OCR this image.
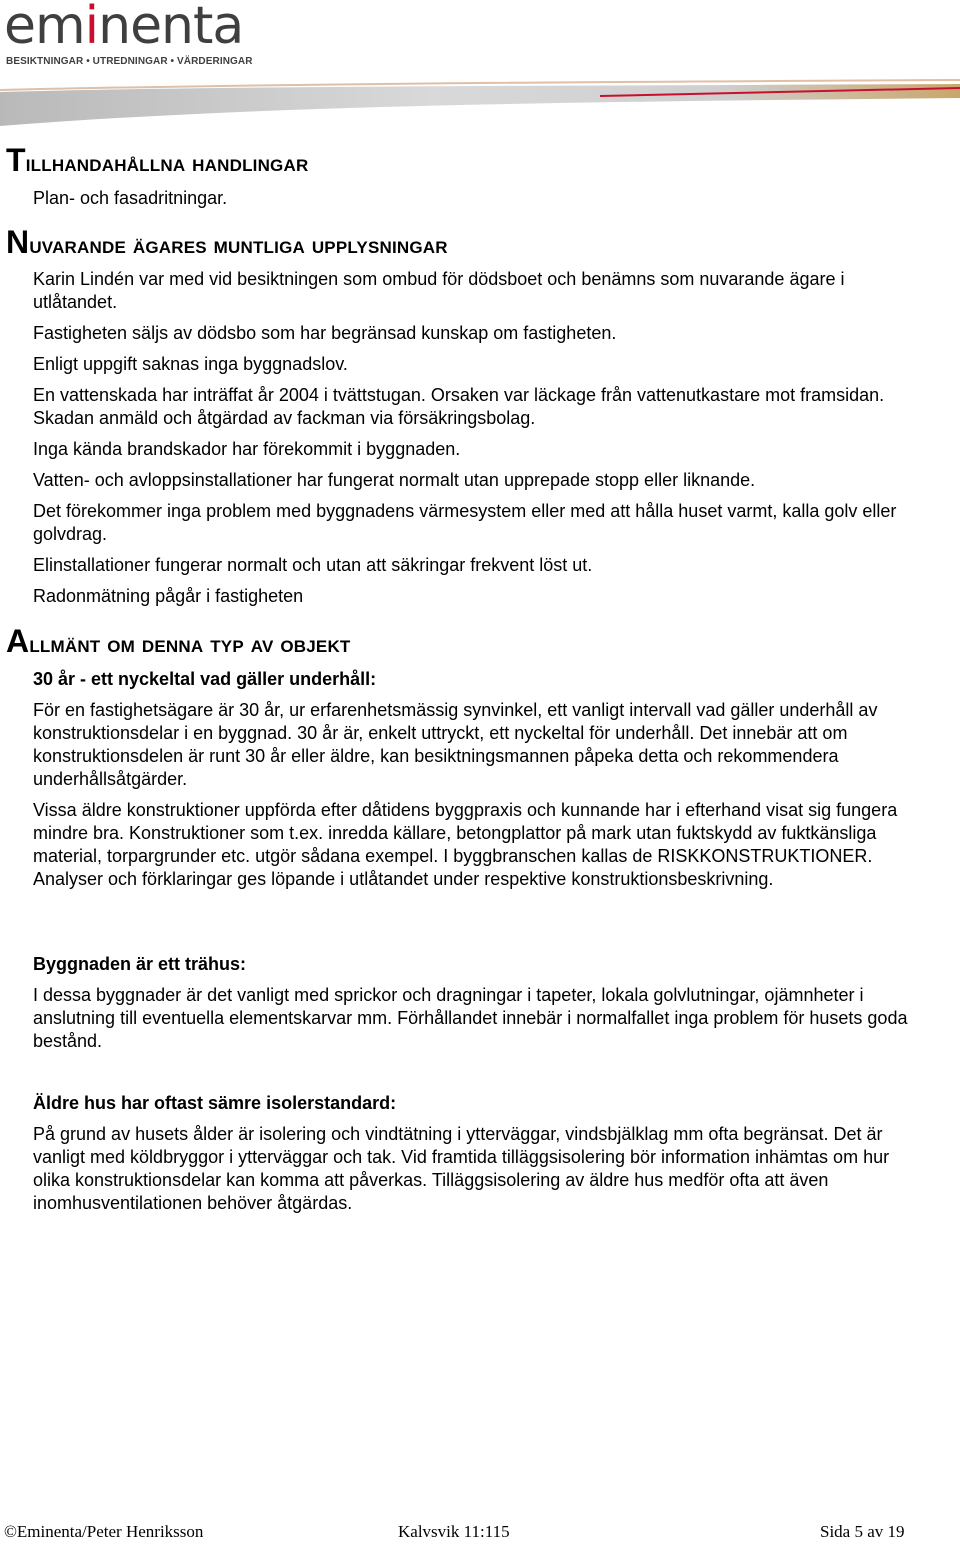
eminenta
BESIKTNINGAR • UTREDNINGAR • VÄRDERINGAR
Tillhandahållna handlingar
Plan- och fasadritningar.
Nuvarande ägares muntliga upplysningar
Karin Lindén var med vid besiktningen som ombud för dödsboet och benämns som nuvarande ägare i utlåtandet.
Fastigheten säljs av dödsbo som har begränsad kunskap om fastigheten.
Enligt uppgift saknas inga byggnadslov.
En vattenskada har inträffat år 2004 i tvättstugan. Orsaken var läckage från vattenutkastare mot framsidan. Skadan anmäld och åtgärdad av fackman via försäkringsbolag.
Inga kända brandskador har förekommit i byggnaden.
Vatten- och avloppsinstallationer har fungerat normalt utan upprepade stopp eller liknande.
Det förekommer inga problem med byggnadens värmesystem eller med att hålla huset varmt, kalla golv eller golvdrag.
Elinstallationer fungerar normalt och utan att säkringar frekvent löst ut.
Radonmätning pågår i fastigheten
Allmänt om denna typ av objekt
30 år - ett nyckeltal vad gäller underhåll:
För en fastighetsägare är 30 år, ur erfarenhetsmässig synvinkel, ett vanligt intervall vad gäller underhåll av konstruktionsdelar i en byggnad. 30 år är, enkelt uttryckt, ett nyckeltal för underhåll. Det innebär att om konstruktionsdelen är runt 30 år eller äldre, kan besiktningsmannen påpeka detta och rekommendera underhållsåtgärder.
Vissa äldre konstruktioner uppförda efter dåtidens byggpraxis och kunnande har i efterhand visat sig fungera mindre bra. Konstruktioner som t.ex. inredda källare, betongplattor på mark utan fuktskydd av fuktkänsliga material, torpargrunder etc. utgör sådana exempel. I byggbranschen kallas de RISKKONSTRUKTIONER. Analyser och förklaringar ges löpande i utlåtandet under respektive konstruktionsbeskrivning.
Byggnaden är ett trähus:
I dessa byggnader är det vanligt med sprickor och dragningar i tapeter, lokala golvlutningar, ojämnheter i anslutning till eventuella elementskarvar mm. Förhållandet innebär i normalfallet inga problem för husets goda bestånd.
Äldre hus har oftast sämre isolerstandard:
På grund av husets ålder är isolering och vindtätning i ytterväggar, vindsbjälklag mm ofta begränsat. Det är vanligt med köldbryggor i ytterväggar och tak. Vid framtida tilläggsisolering bör information inhämtas om hur olika konstruktionsdelar kan komma att påverkas. Tilläggsisolering av äldre hus medför ofta att även inomhusventilationen behöver åtgärdas.
©Eminenta/Peter Henriksson	Kalvsvik 11:115	Sida 5 av 19
